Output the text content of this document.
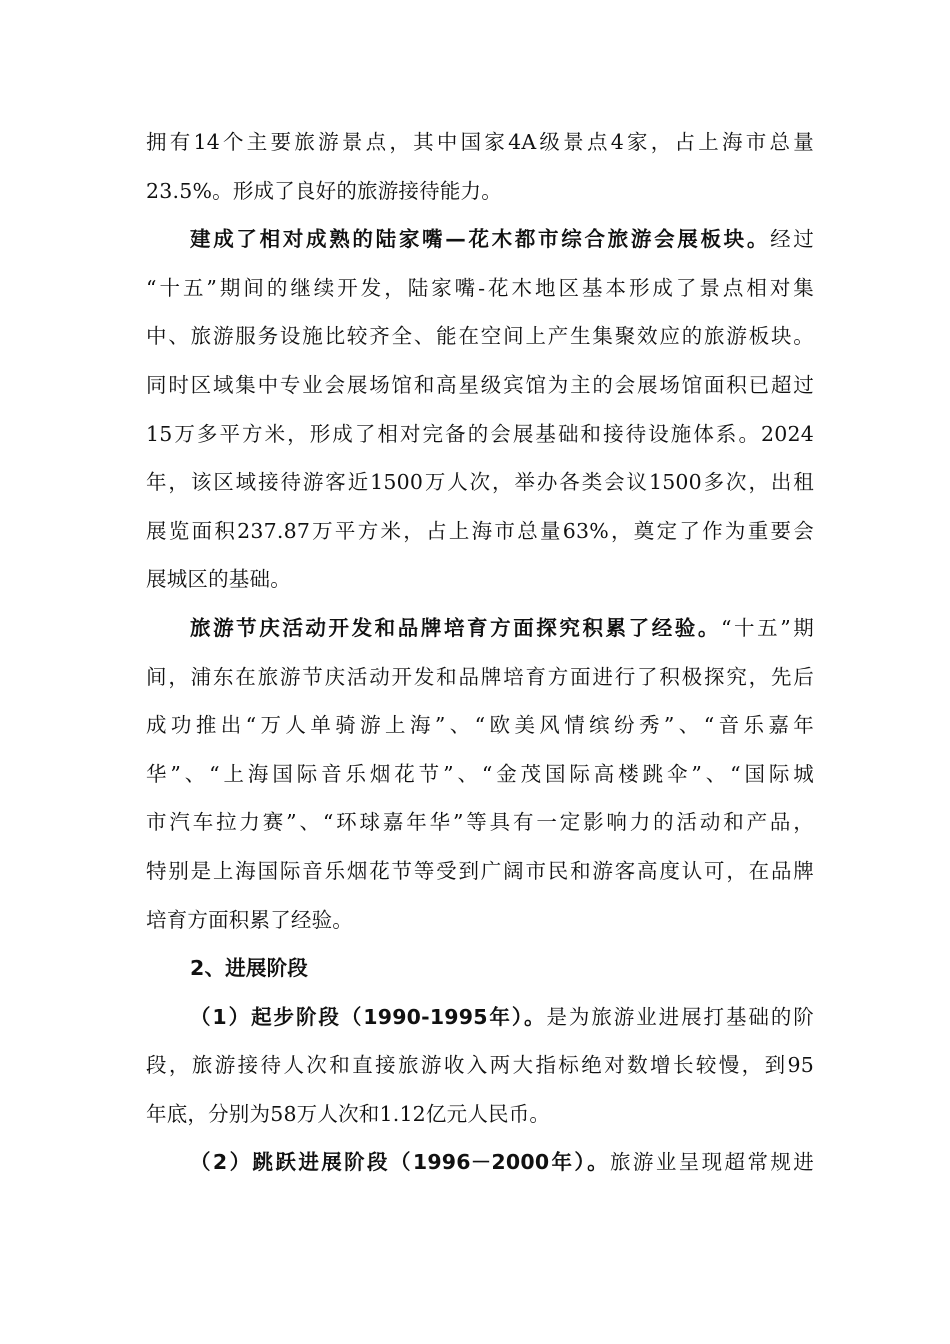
拥有14个主要旅游景点，其中国家4A级景点4家，占上海市总量
23.5%。形成了良好的旅游接待能力。
建成了相对成熟的陆家嘴—花木都市综合旅游会展板块。经过
“十五”期间的继续开发，陆家嘴-花木地区基本形成了景点相对集
中、旅游服务设施比较齐全、能在空间上产生集聚效应的旅游板块。
同时区域集中专业会展场馆和高星级宾馆为主的会展场馆面积已超过
15万多平方米，形成了相对完备的会展基础和接待设施体系。2024
年，该区域接待游客近1500万人次，举办各类会议1500多次，出租
展览面积237.87万平方米，占上海市总量63%，奠定了作为重要会
展城区的基础。
旅游节庆活动开发和品牌培育方面探究积累了经验。“十五”期
间，浦东在旅游节庆活动开发和品牌培育方面进行了积极探究，先后
成功推出“万人单骑游上海”、“欧美风情缤纷秀”、“音乐嘉年
华”、“上海国际音乐烟花节”、“金茂国际高楼跳伞”、“国际城
市汽车拉力赛”、“环球嘉年华”等具有一定影响力的活动和产品，
特别是上海国际音乐烟花节等受到广阔市民和游客高度认可，在品牌
培育方面积累了经验。
2、进展阶段
（1）起步阶段（1990-1995年）。是为旅游业进展打基础的阶
段，旅游接待人次和直接旅游收入两大指标绝对数增长较慢，到95
年底，分别为58万人次和1.12亿元人民币。
（2）跳跃进展阶段（1996－2000年）。旅游业呈现超常规进
